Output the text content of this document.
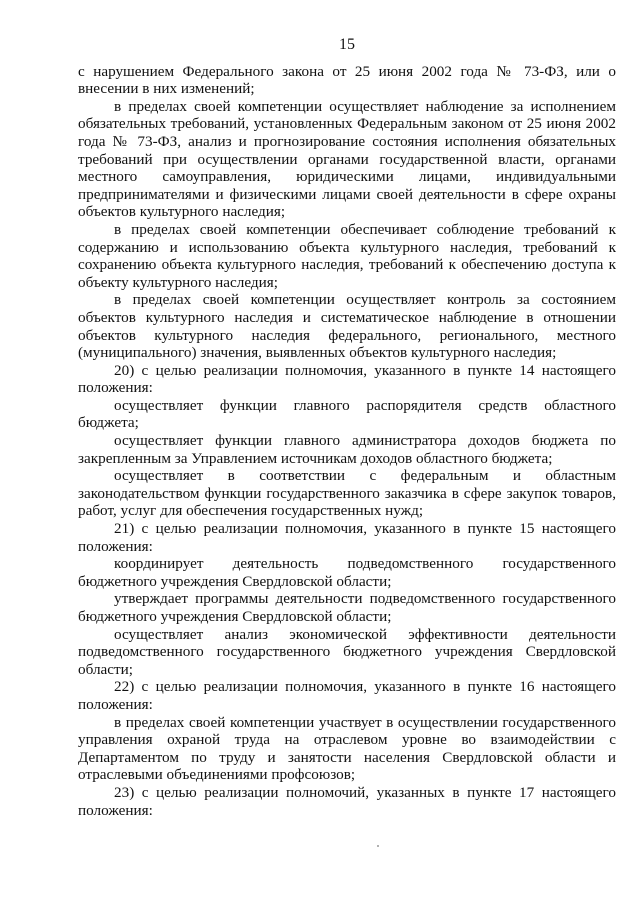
15

с нарушением Федерального закона от 25 июня 2002 года № 73-ФЗ, или о внесении в них изменений;

в пределах своей компетенции осуществляет наблюдение за исполнением обязательных требований, установленных Федеральным законом от 25 июня 2002 года № 73-ФЗ, анализ и прогнозирование состояния исполнения обязательных требований при осуществлении органами государственной власти, органами местного самоуправления, юридическими лицами, индивидуальными предпринимателями и физическими лицами своей деятельности в сфере охраны объектов культурного наследия;

в пределах своей компетенции обеспечивает соблюдение требований к содержанию и использованию объекта культурного наследия, требований к сохранению объекта культурного наследия, требований к обеспечению доступа к объекту культурного наследия;

в пределах своей компетенции осуществляет контроль за состоянием объектов культурного наследия и систематическое наблюдение в отношении объектов культурного наследия федерального, регионального, местного (муниципального) значения, выявленных объектов культурного наследия;

20) с целью реализации полномочия, указанного в пункте 14 настоящего положения:

осуществляет функции главного распорядителя средств областного бюджета;

осуществляет функции главного администратора доходов бюджета по закрепленным за Управлением источникам доходов областного бюджета;

осуществляет в соответствии с федеральным и областным законодательством функции государственного заказчика в сфере закупок товаров, работ, услуг для обеспечения государственных нужд;

21) с целью реализации полномочия, указанного в пункте 15 настоящего положения:

координирует деятельность подведомственного государственного бюджетного учреждения Свердловской области;

утверждает программы деятельности подведомственного государственного бюджетного учреждения Свердловской области;

осуществляет анализ экономической эффективности деятельности подведомственного государственного бюджетного учреждения Свердловской области;

22) с целью реализации полномочия, указанного в пункте 16 настоящего положения:

в пределах своей компетенции участвует в осуществлении государственного управления охраной труда на отраслевом уровне во взаимодействии с Департаментом по труду и занятости населения Свердловской области и отраслевыми объединениями профсоюзов;

23) с целью реализации полномочий, указанных в пункте 17 настоящего положения:
